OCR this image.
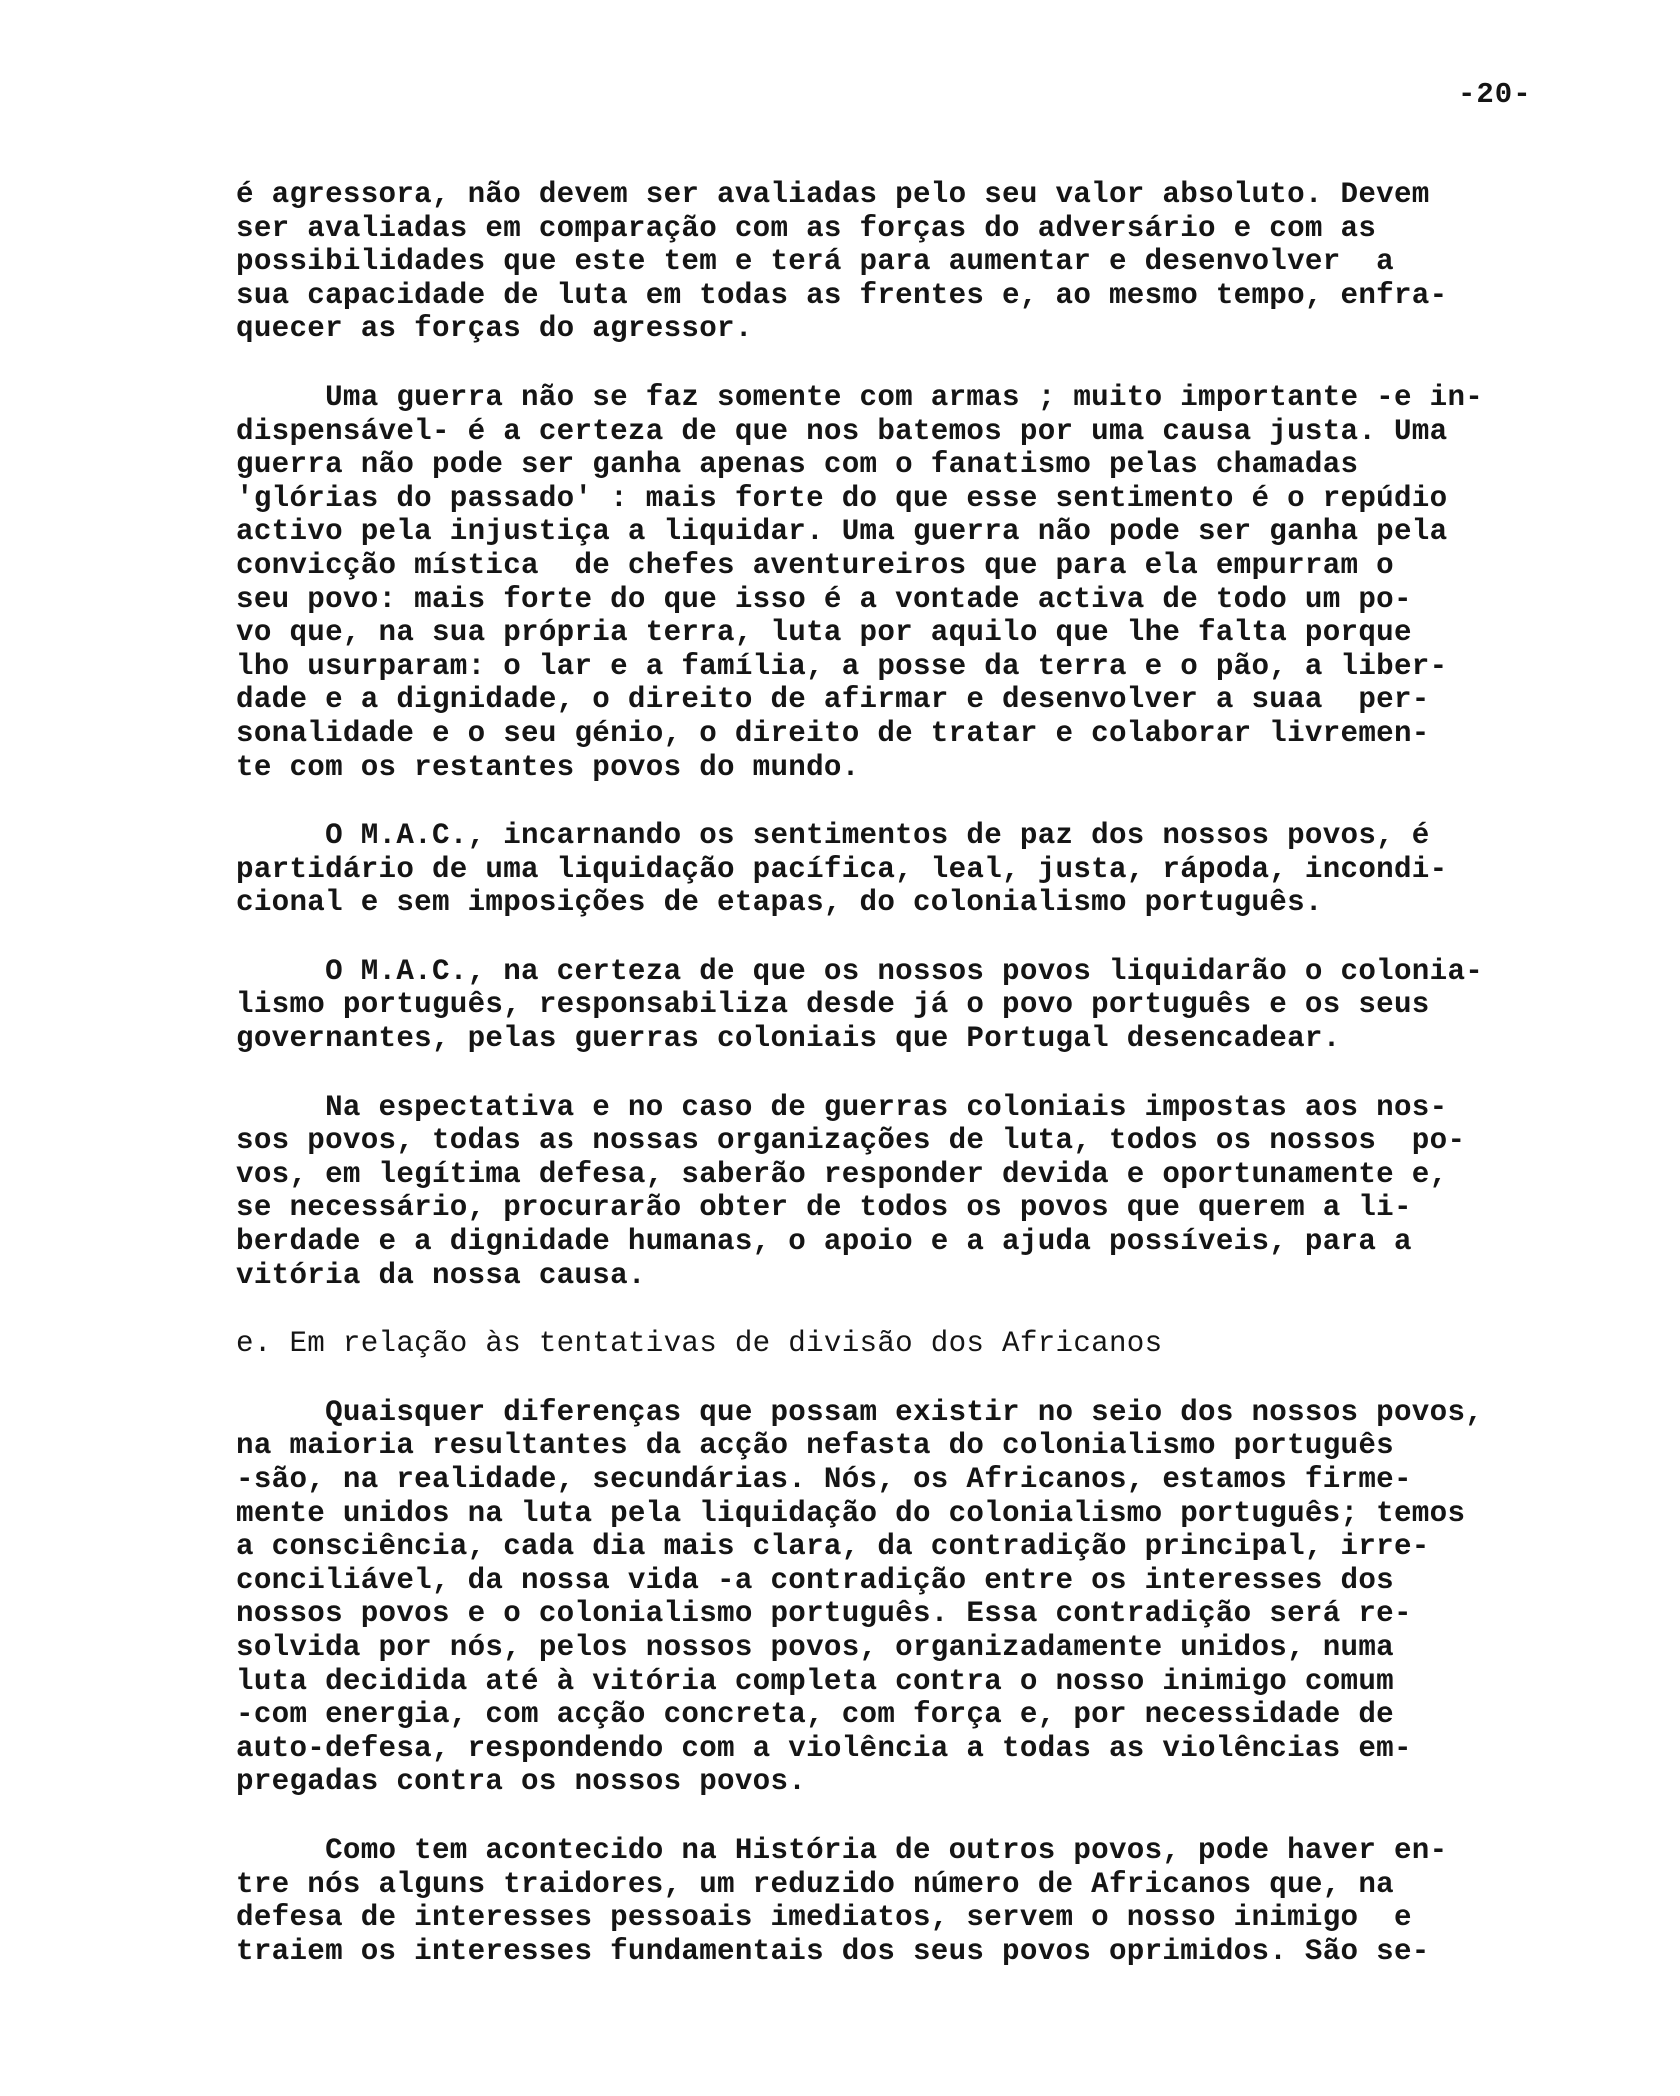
-20-
é agressora, não devem ser avaliadas pelo seu valor absoluto. Devem
ser avaliadas em comparação com as forças do adversário e com as
possibilidades que este tem e terá para aumentar e desenvolver  a
sua capacidade de luta em todas as frentes e, ao mesmo tempo, enfra-
quecer as forças do agressor.
Uma guerra não se faz somente com armas ; muito importante -e in-
dispensável- é a certeza de que nos batemos por uma causa justa. Uma
guerra não pode ser ganha apenas com o fanatismo pelas chamadas
'glórias do passado' : mais forte do que esse sentimento é o repúdio
activo pela injustiça a liquidar. Uma guerra não pode ser ganha pela
convicção mística  de chefes aventureiros que para ela empurram o
seu povo: mais forte do que isso é a vontade activa de todo um po-
vo que, na sua própria terra, luta por aquilo que lhe falta porque
lho usurparam: o lar e a família, a posse da terra e o pão, a liber-
dade e a dignidade, o direito de afirmar e desenvolver a suaa  per-
sonalidade e o seu génio, o direito de tratar e colaborar livremen-
te com os restantes povos do mundo.
O M.A.C., incarnando os sentimentos de paz dos nossos povos, é
partidário de uma liquidação pacífica, leal, justa, rápoda, incondi-
cional e sem imposições de etapas, do colonialismo português.
O M.A.C., na certeza de que os nossos povos liquidarão o colonia-
lismo português, responsabiliza desde já o povo português e os seus
governantes, pelas guerras coloniais que Portugal desencadear.
Na espectativa e no caso de guerras coloniais impostas aos nos-
sos povos, todas as nossas organizações de luta, todos os nossos  po-
vos, em legítima defesa, saberão responder devida e oportunamente e,
se necessário, procurarão obter de todos os povos que querem a li-
berdade e a dignidade humanas, o apoio e a ajuda possíveis, para a
vitória da nossa causa.
e. Em relação às tentativas de divisão dos Africanos
Quaisquer diferenças que possam existir no seio dos nossos povos,
na maioria resultantes da acção nefasta do colonialismo português
-são, na realidade, secundárias. Nós, os Africanos, estamos firme-
mente unidos na luta pela liquidação do colonialismo português; temos
a consciência, cada dia mais clara, da contradição principal, irre-
conciliável, da nossa vida -a contradição entre os interesses dos
nossos povos e o colonialismo português. Essa contradição será re-
solvida por nós, pelos nossos povos, organizadamente unidos, numa
luta decidida até à vitória completa contra o nosso inimigo comum
-com energia, com acção concreta, com força e, por necessidade de
auto-defesa, respondendo com a violência a todas as violências em-
pregadas contra os nossos povos.
Como tem acontecido na História de outros povos, pode haver en-
tre nós alguns traidores, um reduzido número de Africanos que, na
defesa de interesses pessoais imediatos, servem o nosso inimigo  e
traiem os interesses fundamentais dos seus povos oprimidos. São se-
